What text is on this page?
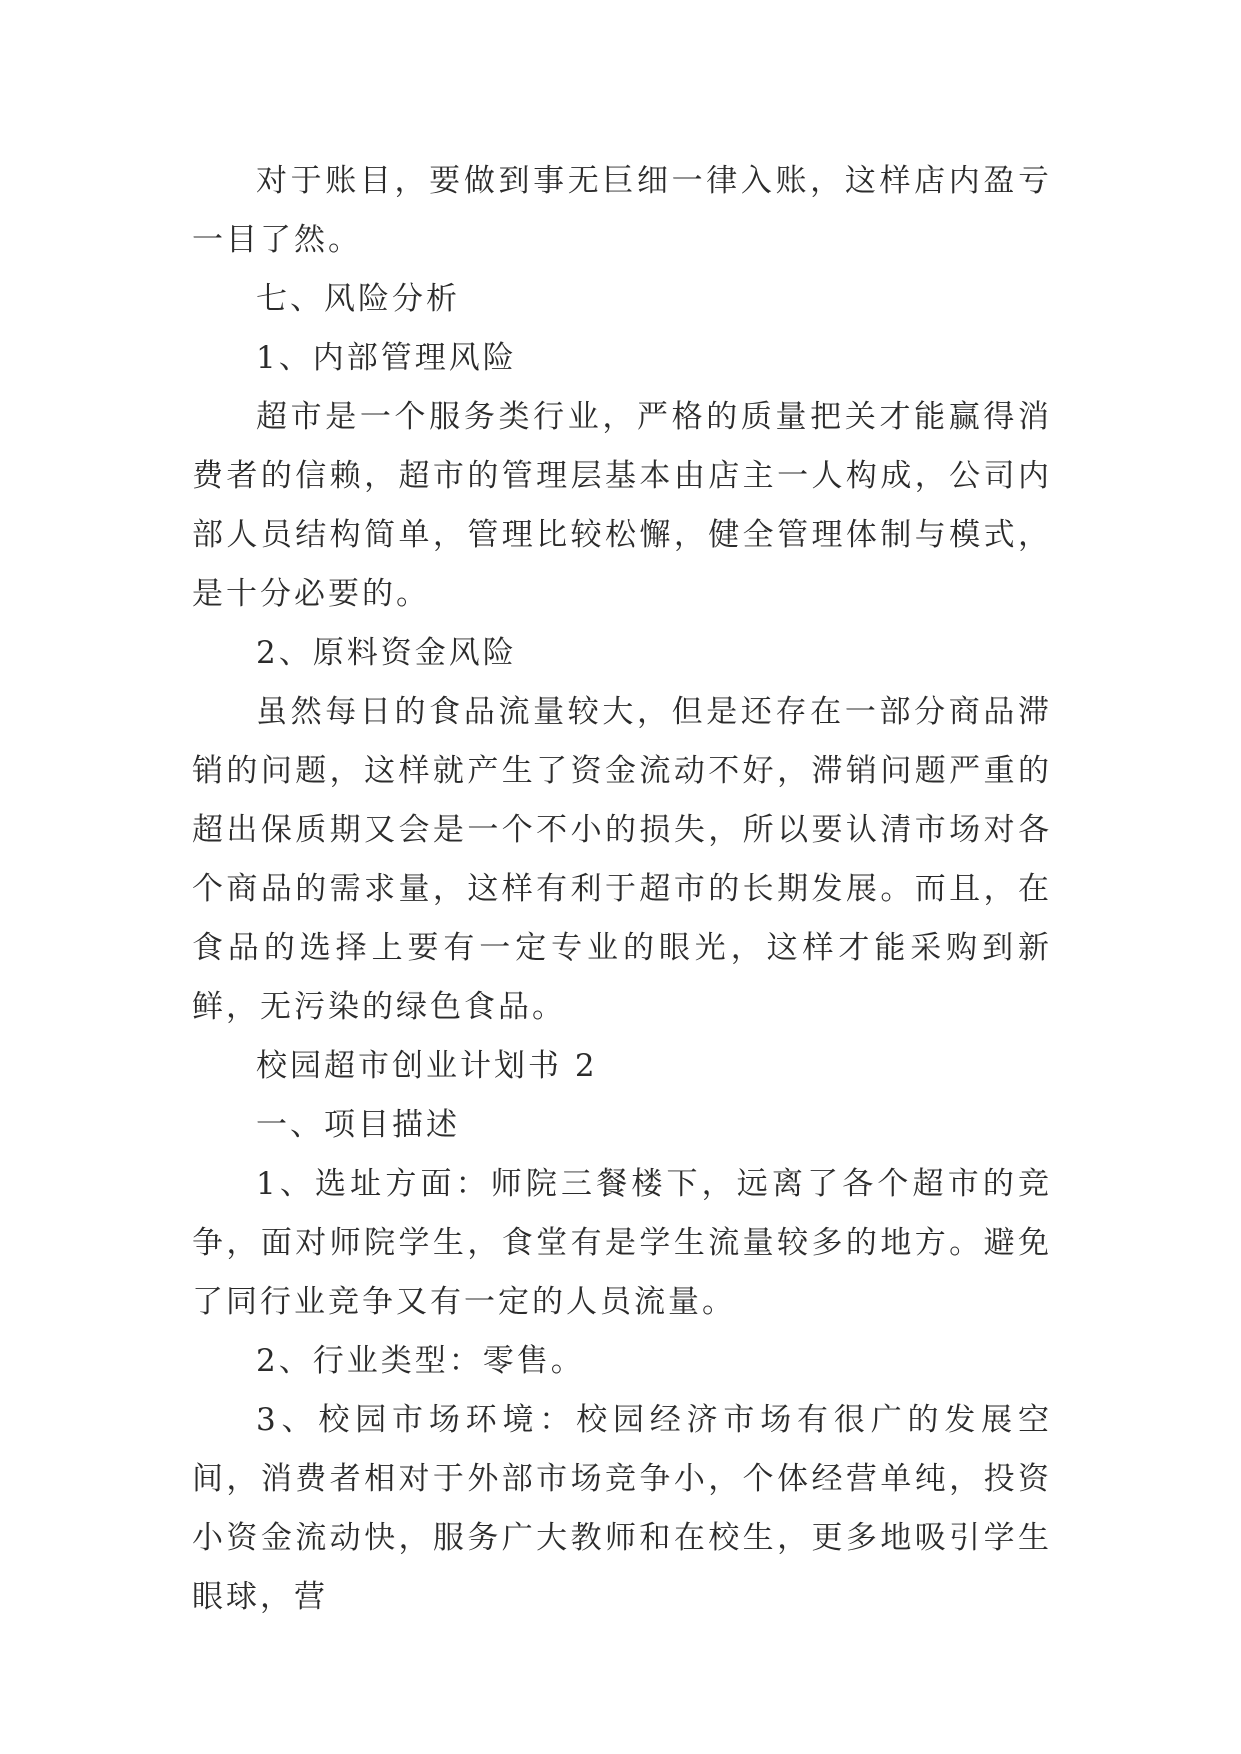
对于账目，要做到事无巨细一律入账，这样店内盈亏一目了然。

七、风险分析

1、内部管理风险

超市是一个服务类行业，严格的质量把关才能赢得消费者的信赖，超市的管理层基本由店主一人构成，公司内部人员结构简单，管理比较松懈，健全管理体制与模式，是十分必要的。

2、原料资金风险

虽然每日的食品流量较大，但是还存在一部分商品滞销的问题，这样就产生了资金流动不好，滞销问题严重的超出保质期又会是一个不小的损失，所以要认清市场对各个商品的需求量，这样有利于超市的长期发展。而且，在食品的选择上要有一定专业的眼光，这样才能采购到新鲜，无污染的绿色食品。

校园超市创业计划书 2

一、项目描述

1、选址方面：师院三餐楼下，远离了各个超市的竞争，面对师院学生，食堂有是学生流量较多的地方。避免了同行业竞争又有一定的人员流量。

2、行业类型：零售。

3、校园市场环境：校园经济市场有很广的发展空间，消费者相对于外部市场竞争小，个体经营单纯，投资小资金流动快，服务广大教师和在校生，更多地吸引学生眼球，营
